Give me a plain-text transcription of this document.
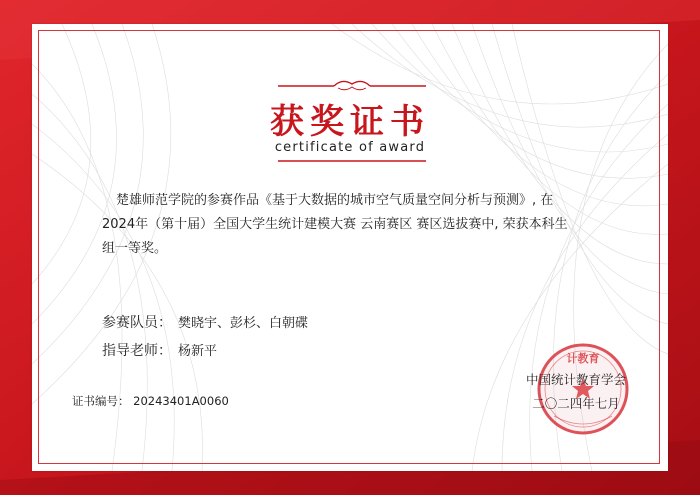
获奖证书
certificate of award
楚雄师范学院的参赛作品《基于大数据的城市空气质量空间分析与预测》, 在
2024年（第十届）全国大学生统计建模大赛 云南赛区 赛区选拔赛中, 荣获本科生
组一等奖。
参赛队员： 樊晓宇、彭杉、白朝碟
指导老师： 杨新平
证书编号： 20243401A0060
计教育
中国统计教育学会
二〇二四年七月
